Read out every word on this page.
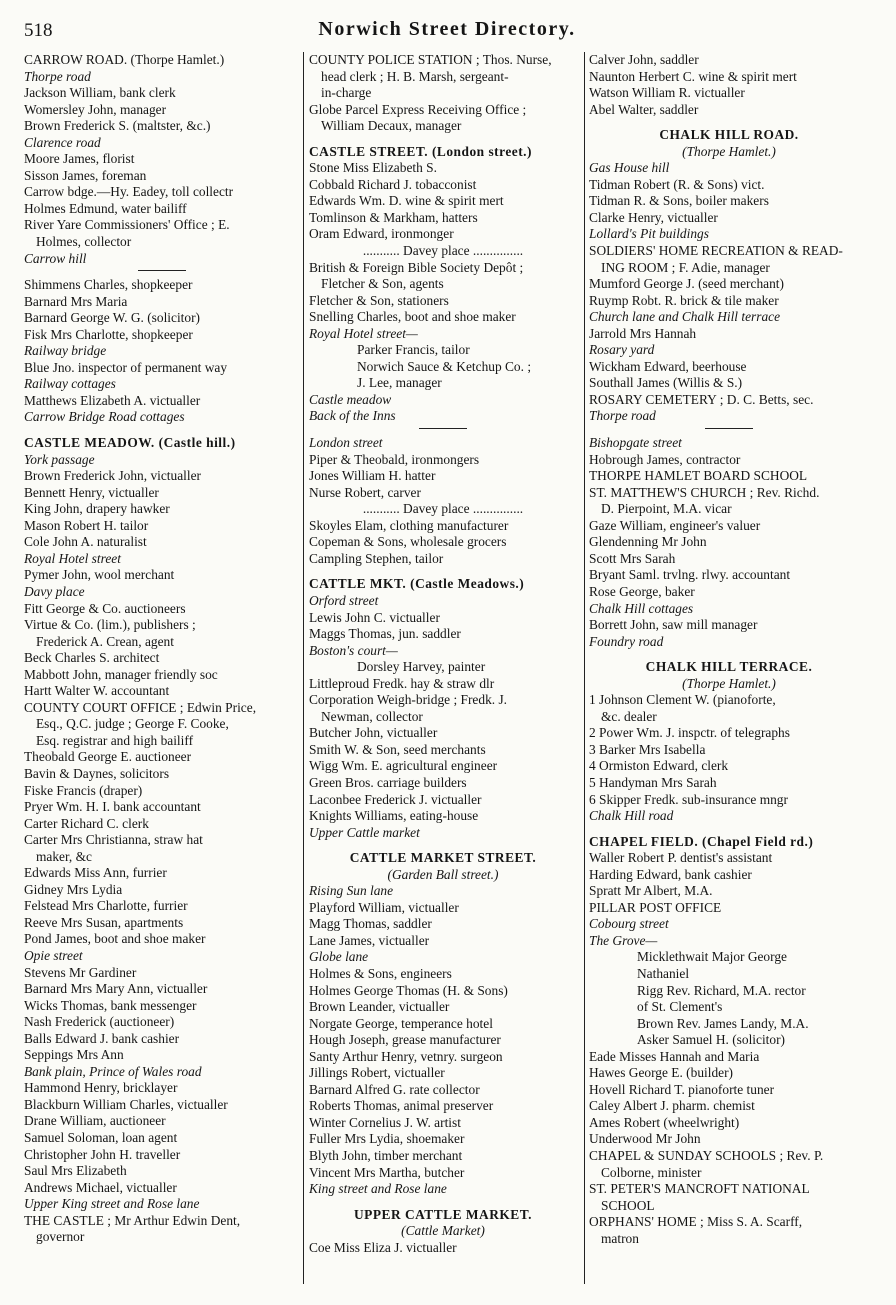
518	Norwich Street Directory.
CARROW ROAD. (Thorpe Hamlet.)
Thorpe road
Jackson William, bank clerk
Womersley John, manager
Brown Frederick S. (maltster, &c.)
Clarence road
Moore James, florist
Sisson James, foreman
Carrow bdge.—Hy. Eadey, toll collectr
Holmes Edmund, water bailiff
River Yare Commissioners' Office ; E.
Holmes, collector
Carrow hill
Shimmens Charles, shopkeeper
Barnard Mrs Maria
Barnard George W. G. (solicitor)
Fisk Mrs Charlotte, shopkeeper
Railway bridge
Blue Jno. inspector of permanent way
Railway cottages
Matthews Elizabeth A. victualler
Carrow Bridge Road cottages
CASTLE MEADOW. (Castle hill.)
York passage
Brown Frederick John, victualler
Bennett Henry, victualler
King John, drapery hawker
Mason Robert H. tailor
Cole John A. naturalist
Royal Hotel street
Pymer John, wool merchant
Davy place
Fitt George & Co. auctioneers
Virtue & Co. (lim.), publishers ;
Frederick A. Crean, agent
Beck Charles S. architect
Mabbott John, manager friendly soc
Hartt Walter W. accountant
COUNTY COURT OFFICE ; Edwin Price,
Esq., Q.C. judge ; George F. Cooke,
Esq. registrar and high bailiff
Theobald George E. auctioneer
Bavin & Daynes, solicitors
Fiske Francis (draper)
Pryer Wm. H. I. bank accountant
Carter Richard C. clerk
Carter Mrs Christianna, straw hat
maker, &c
Edwards Miss Ann, furrier
Gidney Mrs Lydia
Felstead Mrs Charlotte, furrier
Reeve Mrs Susan, apartments
Pond James, boot and shoe maker
Opie street
Stevens Mr Gardiner
Barnard Mrs Mary Ann, victualler
Wicks Thomas, bank messenger
Nash Frederick (auctioneer)
Balls Edward J. bank cashier
Seppings Mrs Ann
Bank plain, Prince of Wales road
Hammond Henry, bricklayer
Blackburn William Charles, victualler
Drane William, auctioneer
Samuel Soloman, loan agent
Christopher John H. traveller
Saul Mrs Elizabeth
Andrews Michael, victualler
Upper King street and Rose lane
THE CASTLE ; Mr Arthur Edwin Dent,
governor
COUNTY POLICE STATION ; Thos. Nurse,
head clerk ; H. B. Marsh, sergeant-
in-charge
Globe Parcel Express Receiving Office ;
William Decaux, manager
CASTLE STREET. (London street.)
Stone Miss Elizabeth S.
Cobbald Richard J. tobacconist
Edwards Wm. D. wine & spirit mert
Tomlinson & Markham, hatters
Oram Edward, ironmonger
........... Davey place ...............
British & Foreign Bible Society Depôt ;
Fletcher & Son, agents
Fletcher & Son, stationers
Snelling Charles, boot and shoe maker
Royal Hotel street—
Parker Francis, tailor
Norwich Sauce & Ketchup Co. ;
J. Lee, manager
Castle meadow
Back of the Inns
London street
Piper & Theobald, ironmongers
Jones William H. hatter
Nurse Robert, carver
........... Davey place ...............
Skoyles Elam, clothing manufacturer
Copeman & Sons, wholesale grocers
Campling Stephen, tailor
CATTLE MKT. (Castle Meadows.)
Orford street
Lewis John C. victualler
Maggs Thomas, jun. saddler
Boston's court—
Dorsley Harvey, painter
Littleproud Fredk. hay & straw dlr
Corporation Weigh-bridge ; Fredk. J.
Newman, collector
Butcher John, victualler
Smith W. & Son, seed merchants
Wigg Wm. E. agricultural engineer
Green Bros. carriage builders
Laconbee Frederick J. victualler
Knights Williams, eating-house
Upper Cattle market
CATTLE MARKET STREET.
(Garden Ball street.)
Rising Sun lane
Playford William, victualler
Magg Thomas, saddler
Lane James, victualler
Globe lane
Holmes & Sons, engineers
Holmes George Thomas (H. & Sons)
Brown Leander, victualler
Norgate George, temperance hotel
Hough Joseph, grease manufacturer
Santy Arthur Henry, vetnry. surgeon
Jillings Robert, victualler
Barnard Alfred G. rate collector
Roberts Thomas, animal preserver
Winter Cornelius J. W. artist
Fuller Mrs Lydia, shoemaker
Blyth John, timber merchant
Vincent Mrs Martha, butcher
King street and Rose lane
UPPER CATTLE MARKET.
(Cattle Market)
Coe Miss Eliza J. victualler
Calver John, saddler
Naunton Herbert C. wine & spirit mert
Watson William R. victualler
Abel Walter, saddler
CHALK HILL ROAD.
(Thorpe Hamlet.)
Gas House hill
Tidman Robert (R. & Sons) vict.
Tidman R. & Sons, boiler makers
Clarke Henry, victualler
Lollard's Pit buildings
SOLDIERS' HOME RECREATION & READ-
ING ROOM ; F. Adie, manager
Mumford George J. (seed merchant)
Ruymp Robt. R. brick & tile maker
Church lane and Chalk Hill terrace
Jarrold Mrs Hannah
Rosary yard
Wickham Edward, beerhouse
Southall James (Willis & S.)
ROSARY CEMETERY ; D. C. Betts, sec.
Thorpe road
Bishopgate street
Hobrough James, contractor
THORPE HAMLET BOARD SCHOOL
ST. MATTHEW'S CHURCH ; Rev. Richd.
D. Pierpoint, M.A. vicar
Gaze William, engineer's valuer
Glendenning Mr John
Scott Mrs Sarah
Bryant Saml. trvlng. rlwy. accountant
Rose George, baker
Chalk Hill cottages
Borrett John, saw mill manager
Foundry road
CHALK HILL TERRACE.
(Thorpe Hamlet.)
1 Johnson Clement W. (pianoforte,
&c. dealer
2 Power Wm. J. inspctr. of telegraphs
3 Barker Mrs Isabella
4 Ormiston Edward, clerk
5 Handyman Mrs Sarah
6 Skipper Fredk. sub-insurance mngr
Chalk Hill road
CHAPEL FIELD. (Chapel Field rd.)
Waller Robert P. dentist's assistant
Harding Edward, bank cashier
Spratt Mr Albert, M.A.
PILLAR POST OFFICE
Cobourg street
The Grove—
Micklethwait Major George
Nathaniel
Rigg Rev. Richard, M.A. rector
of St. Clement's
Brown Rev. James Landy, M.A.
Asker Samuel H. (solicitor)
Eade Misses Hannah and Maria
Hawes George E. (builder)
Hovell Richard T. pianoforte tuner
Caley Albert J. pharm. chemist
Ames Robert (wheelwright)
Underwood Mr John
CHAPEL & SUNDAY SCHOOLS ; Rev. P.
Colborne, minister
ST. PETER'S MANCROFT NATIONAL
SCHOOL
ORPHANS' HOME ; Miss S. A. Scarff,
matron
